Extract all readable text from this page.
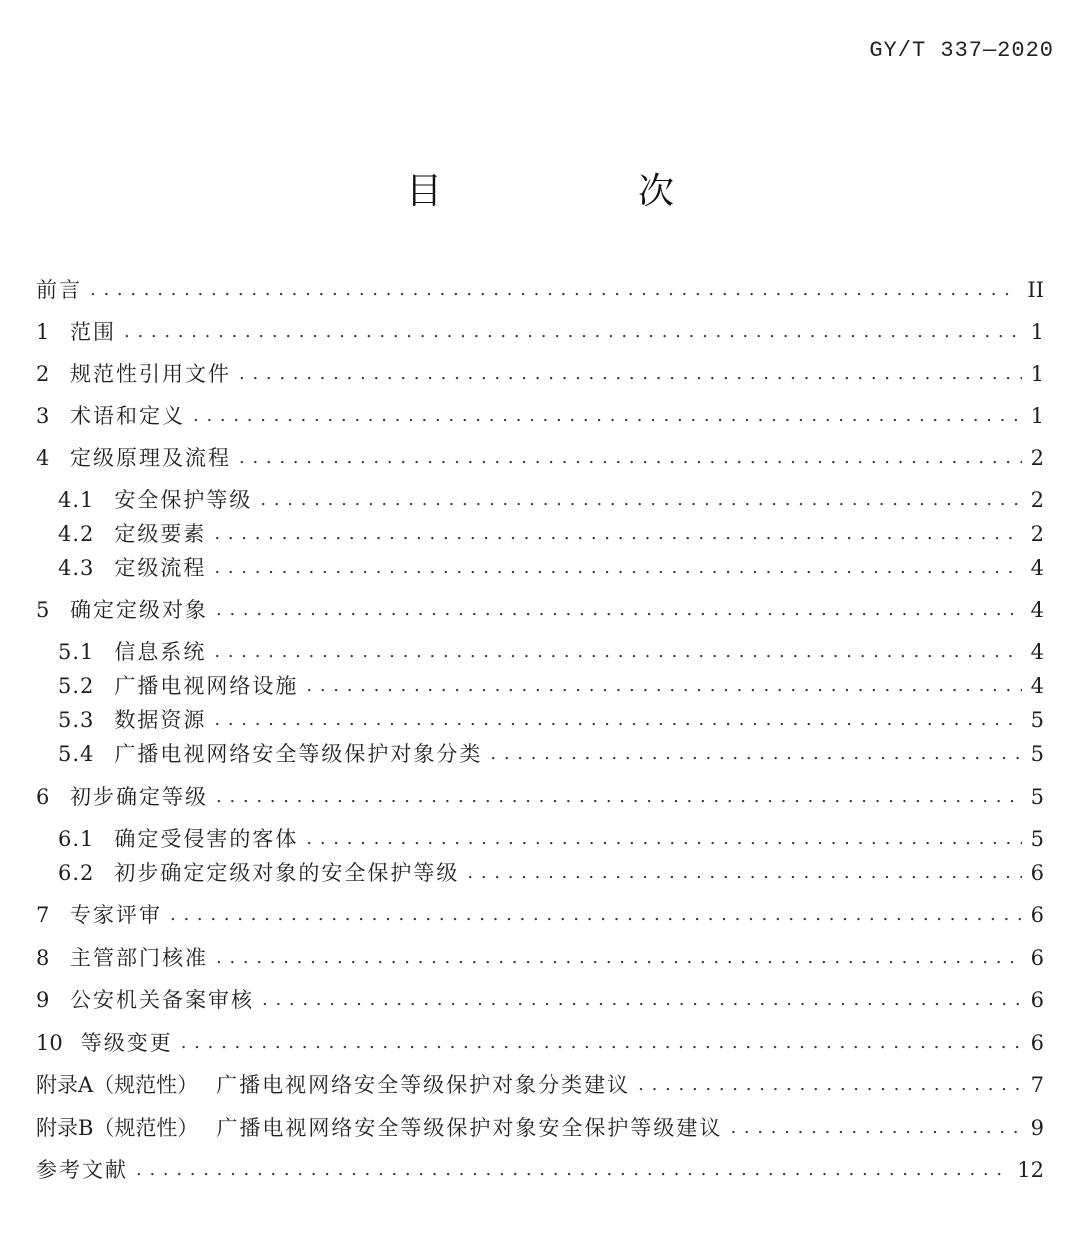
GY/T 337—2020
目　次
前言 . . .	II
1 范围 . . .	1
2 规范性引用文件 . . .	1
3 术语和定义 . . .	1
4 定级原理及流程 . . .	2
4.1 安全保护等级 . . .	2
4.2 定级要素 . . .	2
4.3 定级流程 . . .	4
5 确定定级对象 . . .	4
5.1 信息系统 . . .	4
5.2 广播电视网络设施 . . .	4
5.3 数据资源 . . .	5
5.4 广播电视网络安全等级保护对象分类 . . .	5
6 初步确定等级 . . .	5
6.1 确定受侵害的客体 . . .	5
6.2 初步确定定级对象的安全保护等级 . . .	6
7 专家评审 . . .	6
8 主管部门核准 . . .	6
9 公安机关备案审核 . . .	6
10 等级变更 . . .	6
附录A（规范性） 广播电视网络安全等级保护对象分类建议 . . .	7
附录B（规范性） 广播电视网络安全等级保护对象安全保护等级建议 . . .	9
参考文献 . . .	12
